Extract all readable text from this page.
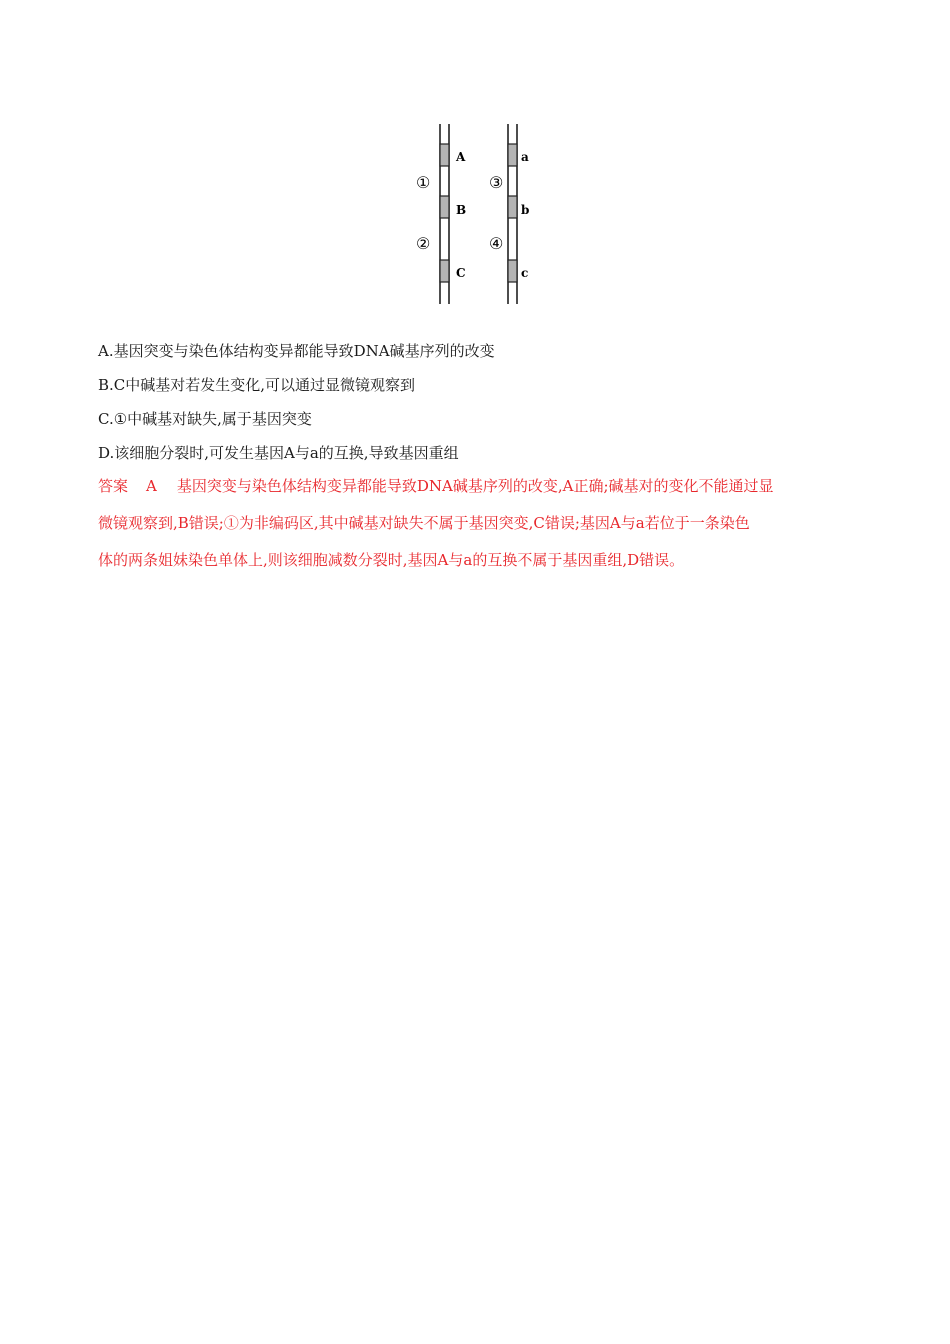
A
B
C
①
②
a
b
c
③
④
A.基因突变与染色体结构变异都能导致DNA碱基序列的改变
B.C中碱基对若发生变化,可以通过显微镜观察到
C.①中碱基对缺失,属于基因突变
D.该细胞分裂时,可发生基因A与a的互换,导致基因重组
答案 A 基因突变与染色体结构变异都能导致DNA碱基序列的改变,A正确;碱基对的变化不能通过显
微镜观察到,B错误;①为非编码区,其中碱基对缺失不属于基因突变,C错误;基因A与a若位于一条染色
体的两条姐妹染色单体上,则该细胞减数分裂时,基因A与a的互换不属于基因重组,D错误。
